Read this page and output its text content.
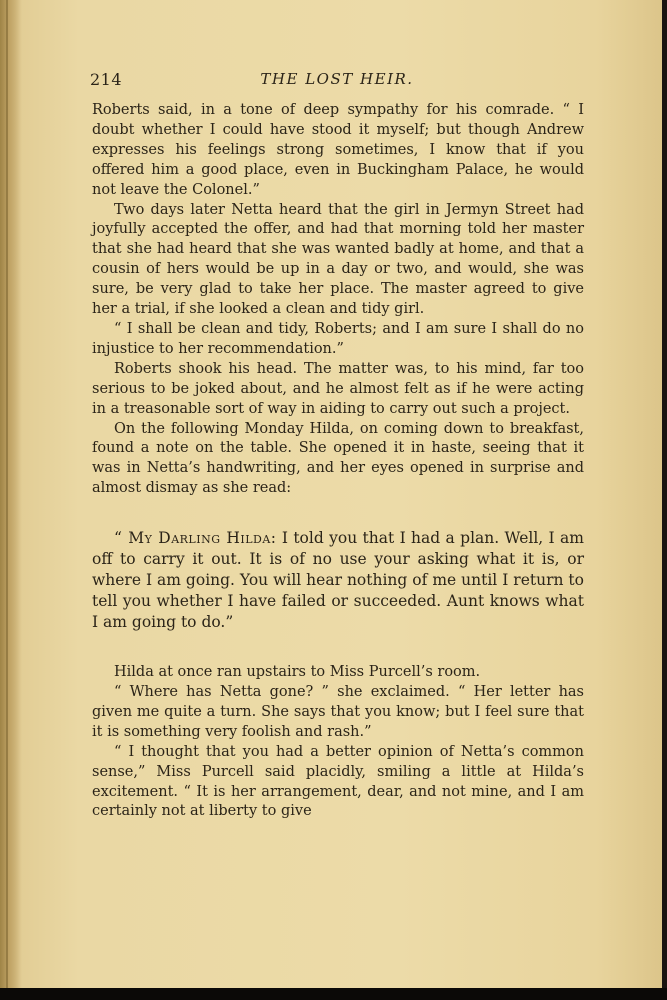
214	THE LOST HEIR.

Roberts said, in a tone of deep sympathy for his comrade. “ I doubt whether I could have stood it myself; but though Andrew expresses his feelings strong sometimes, I know that if you offered him a good place, even in Buckingham Palace, he would not leave the Colonel.”

Two days later Netta heard that the girl in Jermyn Street had joyfully accepted the offer, and had that morning told her master that she had heard that she was wanted badly at home, and that a cousin of hers would be up in a day or two, and would, she was sure, be very glad to take her place. The master agreed to give her a trial, if she looked a clean and tidy girl.

“ I shall be clean and tidy, Roberts; and I am sure I shall do no injustice to her recommendation.”

Roberts shook his head. The matter was, to his mind, far too serious to be joked about, and he almost felt as if he were acting in a treasonable sort of way in aiding to carry out such a project.

On the following Monday Hilda, on coming down to breakfast, found a note on the table. She opened it in haste, seeing that it was in Netta’s handwriting, and her eyes opened in surprise and almost dismay as she read:

“ My Darling Hilda: I told you that I had a plan. Well, I am off to carry it out. It is of no use your asking what it is, or where I am going. You will hear nothing of me until I return to tell you whether I have failed or succeeded. Aunt knows what I am going to do.”

Hilda at once ran upstairs to Miss Purcell’s room.

“ Where has Netta gone? ” she exclaimed. “ Her letter has given me quite a turn. She says that you know; but I feel sure that it is something very foolish and rash.”

“ I thought that you had a better opinion of Netta’s common sense,” Miss Purcell said placidly, smiling a little at Hilda’s excitement. “ It is her arrangement, dear, and not mine, and I am certainly not at liberty to give
